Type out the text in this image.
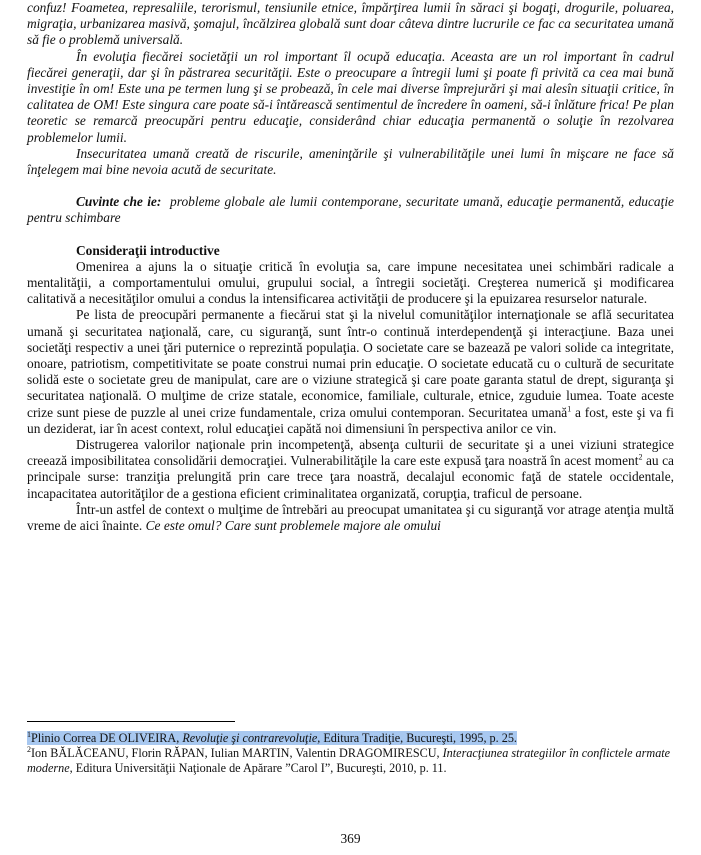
confuz! Foametea, represaliile, terorismul, tensiunile etnice, împărţirea lumii în săraci şi bogaţi, drogurile, poluarea, migraţia, urbanizarea masivă, şomajul, încălzirea globală sunt doar câteva dintre lucrurile ce fac ca securitatea umană să fie o problemă universală.

În evoluţia fiecărei societăţii un rol important îl ocupă educaţia. Aceasta are un rol important în cadrul fiecărei generaţii, dar şi în păstrarea securităţii. Este o preocupare a întregii lumi şi poate fi privită ca cea mai bună investiţie în om! Este una pe termen lung şi se probează, în cele mai diverse împrejurări şi mai alesîn situaţii critice, în calitatea de OM! Este singura care poate să-i întărească sentimentul de încredere în oameni, să-i înlăture frica! Pe plan teoretic se remarcă preocupări pentru educaţie, considerând chiar educaţia permanentă o soluţie în rezolvarea problemelor lumii.

Insecuritatea umană creată de riscurile, ameninţările şi vulnerabilităţile unei lumi în mişcare ne face să înţelegem mai bine nevoia acută de securitate.

Cuvinte che ie: probleme globale ale lumii contemporane, securitate umană, educaţie permanentă, educaţie pentru schimbare

Consideraţii introductive

Omenirea a ajuns la o situaţie critică în evoluţia sa, care impune necesitatea unei schimbări radicale a mentalităţii, a comportamentului omului, grupului social, a întregii societăţi. Creşterea numerică şi modificarea calitativă a necesităţilor omului a condus la intensificarea activităţii de producere şi la epuizarea resurselor naturale.

Pe lista de preocupări permanente a fiecărui stat şi la nivelul comunităţilor internaţionale se află securitatea umană şi securitatea naţională, care, cu siguranţă, sunt într-o continuă interdependenţă şi interacţiune. Baza unei societăţi respectiv a unei ţări puternice o reprezintă populaţia. O societate care se bazează pe valori solide ca integritate, onoare, patriotism, competitivitate se poate construi numai prin educaţie. O societate educată cu o cultură de securitate solidă este o societate greu de manipulat, care are o viziune strategică şi care poate garanta statul de drept, siguranţa şi securitatea naţională. O mulţime de crize statale, economice, familiale, culturale, etnice, zguduie lumea. Toate aceste crize sunt piese de puzzle al unei crize fundamentale, criza omului contemporan. Securitatea umană$^1$ a fost, este şi va fi un deziderat, iar în acest context, rolul educaţiei capătă noi dimensiuni în perspectiva anilor ce vin.

Distrugerea valorilor naţionale prin incompetenţă, absenţa culturii de securitate şi a unei viziuni strategice creează imposibilitatea consolidării democraţiei. Vulnerabilităţile la care este expusă ţara noastră în acest moment$^2$ au ca principale surse: tranziţia prelungită prin care trece ţara noastră, decalajul economic faţă de statele occidentale, incapacitatea autorităţilor de a gestiona eficient criminalitatea organizată, corupţia, traficul de persoane.

Într-un astfel de context o mulţime de întrebări au preocupat umanitatea şi cu siguranţă vor atrage atenţia multă vreme de aici înainte. Ce este omul? Care sunt problemele majore ale omului

$^1$Plinio Correa DE OLIVEIRA, Revoluţie şi contrarevoluţie, Editura Tradiţie, Bucureşti, 1995, p. 25.

$^2$Ion BĂLĂCEANU, Florin RĂPAN, Iulian MARTIN, Valentin DRAGOMIRESCU, Interacţiunea strategiilor în conflictele armate moderne, Editura Universităţii Naţionale de Apărare ”Carol I”, Bucureşti, 2010, p. 11.

369
